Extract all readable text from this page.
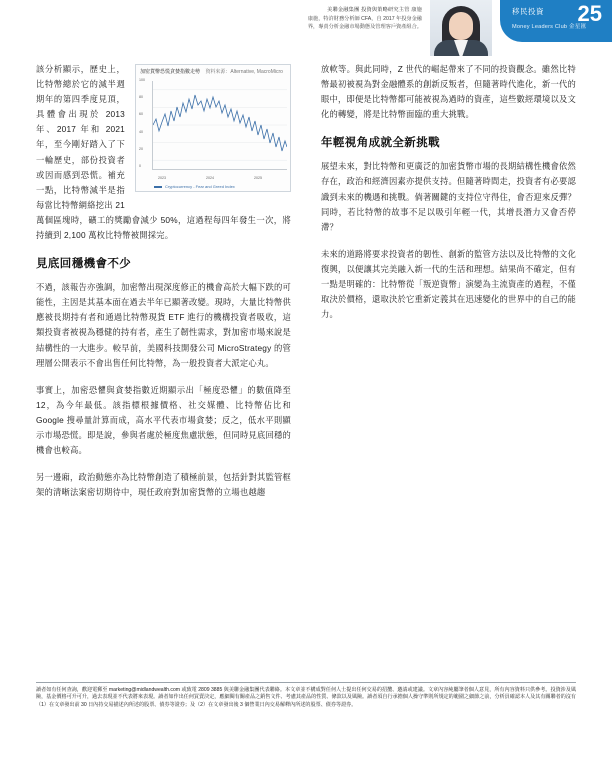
美聯金融集團 投資與策略研究主管 康施
康施，特許財務分析師 CFA，自 2017 年投身金融
界，專責分析金融市場動態及管理客戶資產組合。
移民投資
Money Leaders Club 金星匯
25
加密貨幣恐慌貪婪指數走勢 資料來源：Alternative, MacroMicro
100
80
60
40
20
0
2023	2024	2025
Cryptocurrency - Fear and Greed Index

該分析顯示，歷史上，比特幣總於它的減半週期年的第四季度見頂，具體會出現於 2013 年、2017 年和 2021 年，至今剛好踏入了下一輪歷史，部份投資者或因而感到恐慌。補充一點，比特幣減半是指每當比特幣網絡挖出 21 萬個區塊時，礦工的獎勵會減少 50%，這過程每四年發生一次，將持續到 2,100 萬枚比特幣被開採完。

見底回穩機會不少

不過，該報告亦強調，加密幣出現深度修正的機會高於大幅下跌的可能性，主因是其基本面在過去半年已顯著改變。現時，大量比特幣供應被長期持有者和通過比特幣現貨 ETF 進行的機構投資者吸收，這類投資者被視為穩健的持有者，產生了韌性需求，對加密市場來說是結構性的一大進步。較早前，美國科技開發公司 MicroStrategy 的管理層公開表示不會出售任何比特幣，為一般投資者大派定心丸。

事實上，加密恐懼與貪婪指數近期顯示出「極度恐懼」的數值降至 12，為今年最低。該指標根據價格、社交媒體、比特幣佔比和 Google 搜尋量計算而成，高水平代表市場貪婪；反之，低水平則顯示市場恐慌。即是說，參與者處於極度焦慮狀態，但同時見底回穩的機會也較高。

另一邊廂，政治動態亦為比特幣創造了積極前景，包括針對其監管框架的清晰法案密切期待中，現任政府對加密貨幣的立場也越趨

放軟等。與此同時，Z 世代的崛起帶來了不同的投資觀念。雖然比特幣最初被視為對金融體系的創新反叛者，但隨著時代進化，新一代的眼中，即便是比特幣都可能被視為過時的資產，這些數經環境以及文化的轉變，將是比特幣面臨的重大挑戰。

年輕視角成就全新挑戰

展望未來，對比特幣和更廣泛的加密貨幣市場的長期結構性機會依然存在，政治和經濟因素亦提供支持。但隨著時間走，投資者有必要認識到未來的機遇和挑戰。倘著關鍵的支持位守得住，會否迎來反彈？同時，若比特幣的故事不足以吸引年輕一代，其增長潛力又會否停滯？

未來的道路將要求投資者的韌性、創新的監管方法以及比特幣的文化復興，以便讓其完美融入新一代的生活和理想。結果尚不確定，但有一點是明確的：比特幣從「叛逆資幣」演變為主流資產的過程，不僅取決於價格，還取決於它重新定義其在迅速變化的世界中的自己的能力。

讀者如有任何查詢，歡迎電郵至 marketing@midlandwealth.com 或致電 2809 3885 與美聯金融集團代表聯絡。本文章並不構成對任何人士提出任何交易的招攬、邀請或建議。文章內容純屬筆者個人意見，所有內容資料只供參考。投資涉及風險，基金價格可升可升，過去表現並不代表將來表現。讀者如作出任何買賣決定，應細閱有關產品之銷售文件、考慮其產品的性質、條款以及風險。讀者須自行承擔個人操守準則所規定的範圍之細節之前，分析員確認本人及其有關聯者的沒有（1）在文章發出前 30 日內持交易描述內所述的股票、債券等證券；及（2）在文章發出後 3 個營業日內交易解釋內所述的股票、債券等證券。
